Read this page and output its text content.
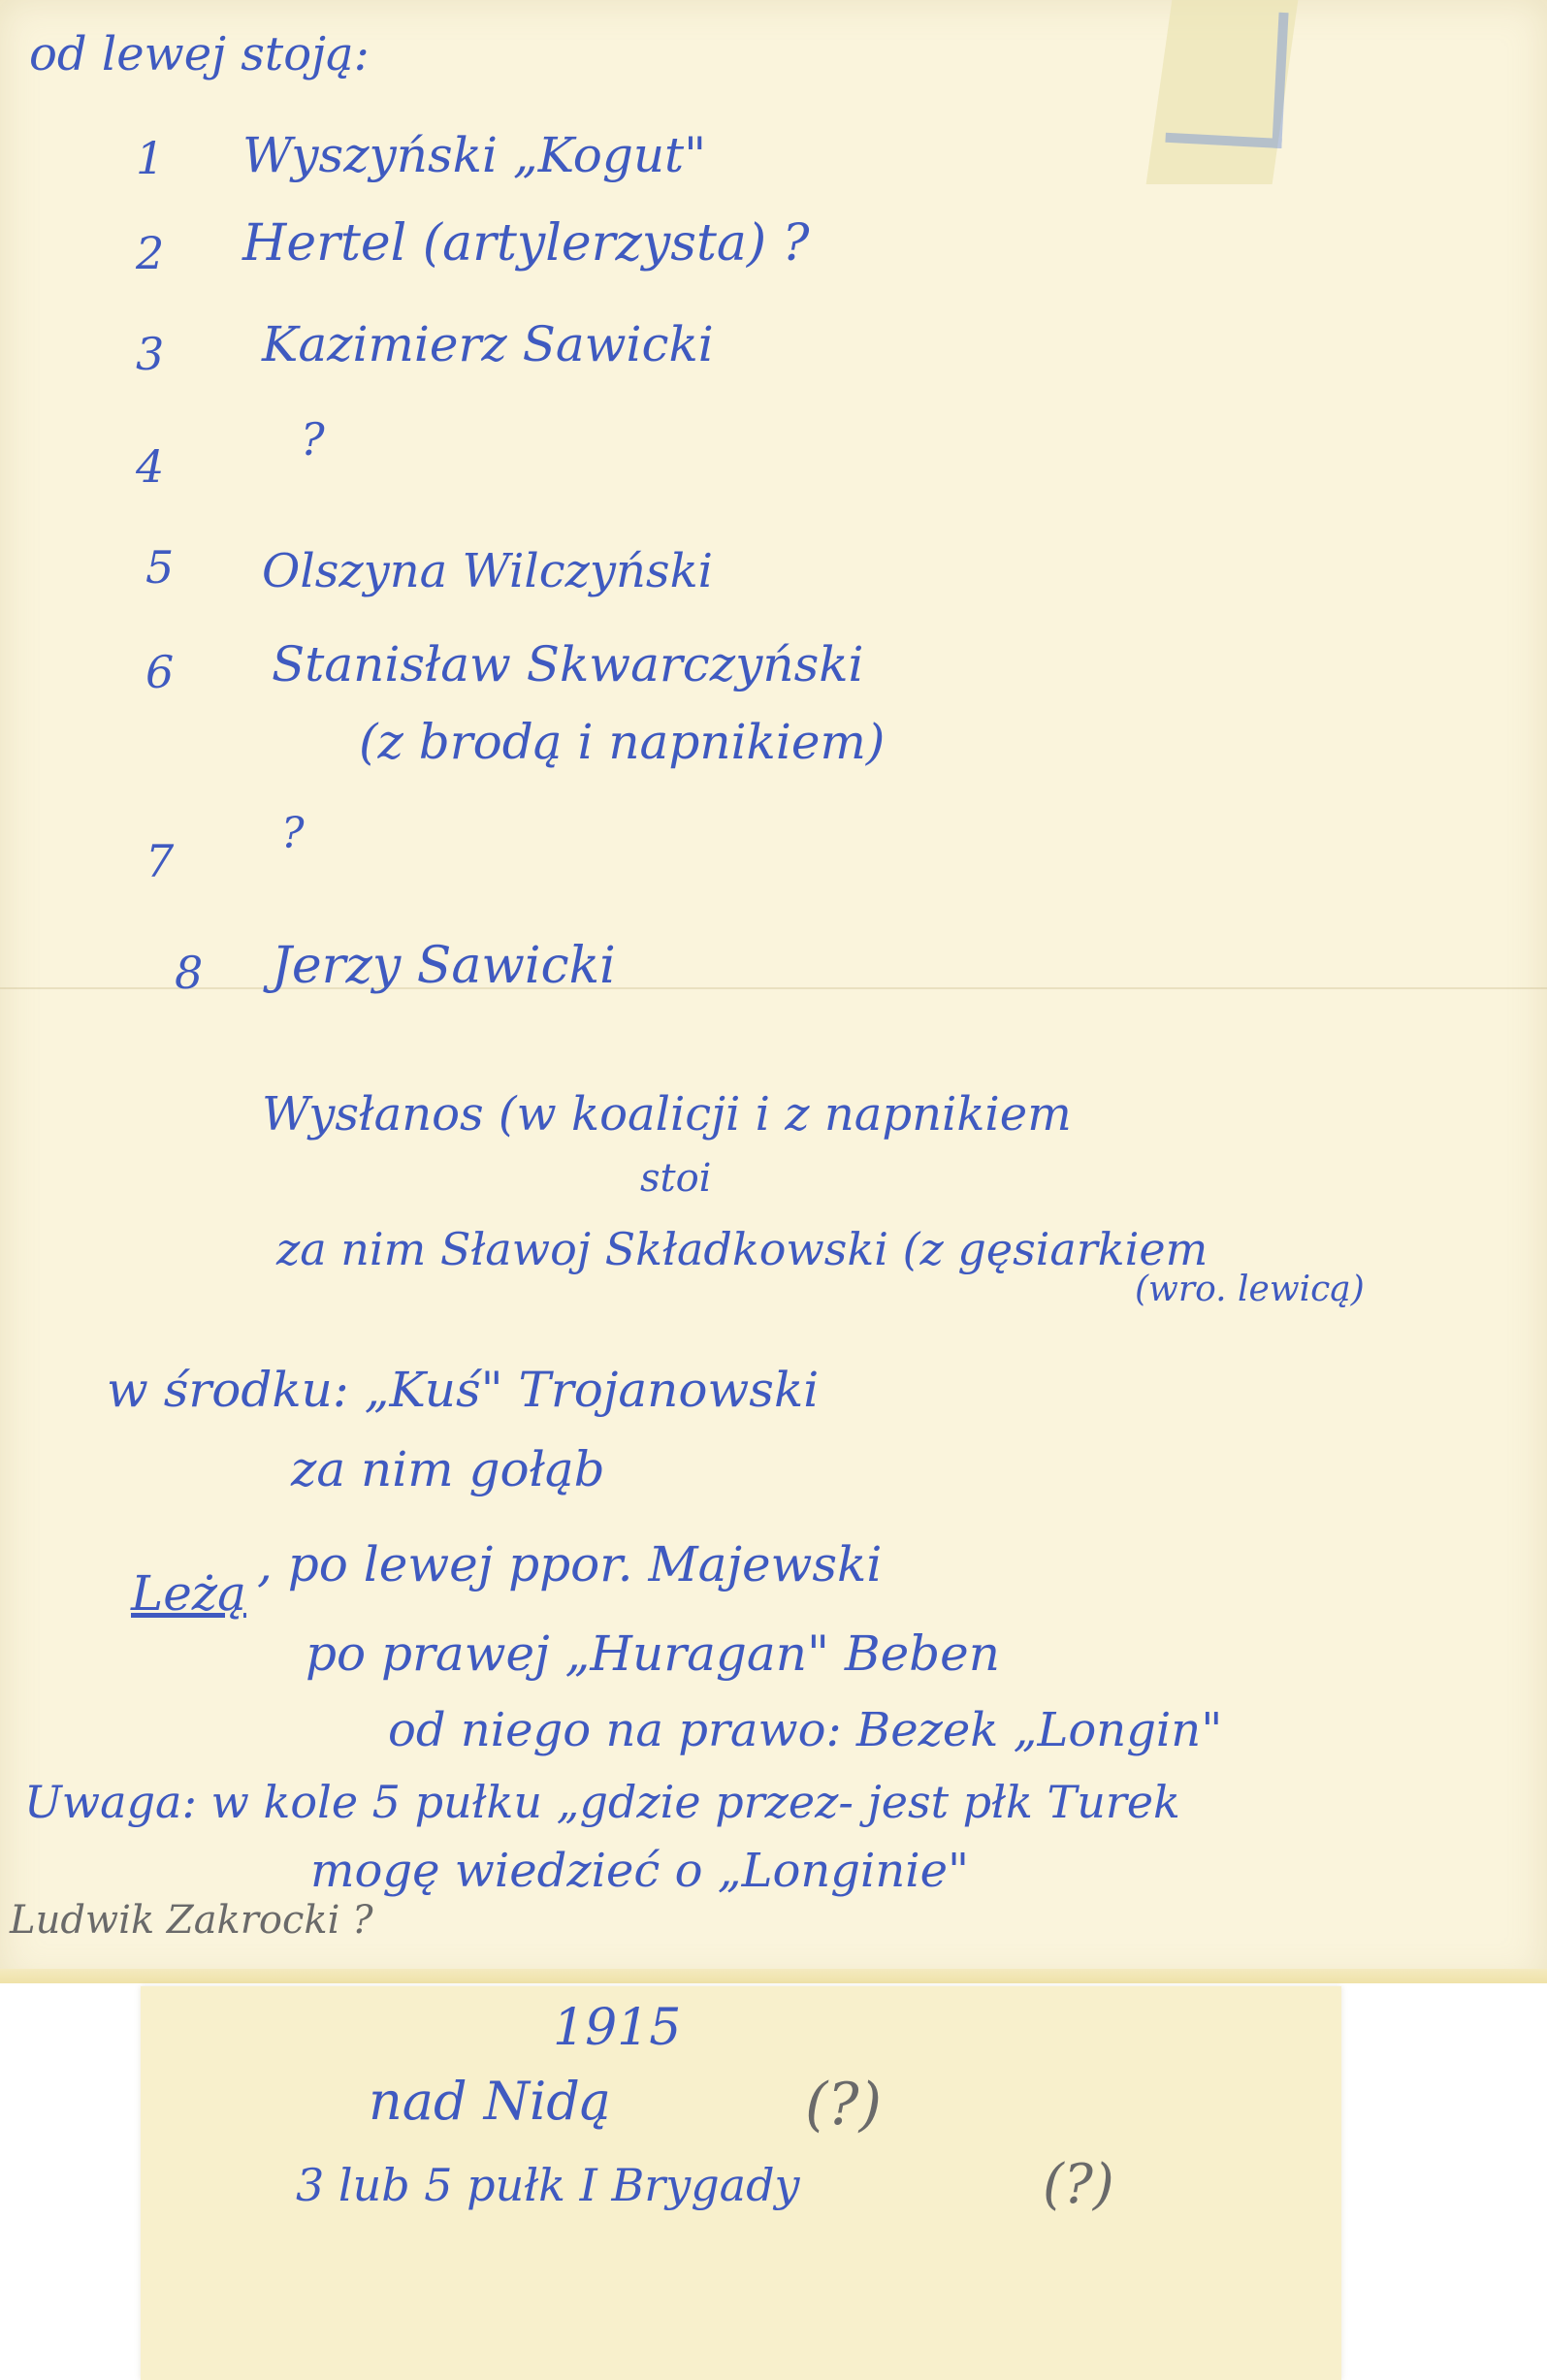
od lewej stoją:
1 Wyszyński „Kogut"
2 Hertel (artylerzysta) ?
3 Kazimierz Sawicki
4
?
5 Olszyna Wilczyński
6 Stanisław Skwarczyński
(z brodą i napnikiem)
7
?
8 Jerzy Sawicki
Wysłanos (w koalicji i z napnikiem
stoi
za nim Sławoj Składkowski (z gęsiarkiem
(wro. lewicą)
w środku: „Kuś" Trojanowski
za nim gołąb
Leżą
, po lewej ppor. Majewski
po prawej „Huragan" Beben
od niego na prawo: Bezek „Longin"
Uwaga: w kole 5 pułku „gdzie przez- jest płk Turek
mogę wiedzieć o „Longinie"
Ludwik Zakrocki ?
1915
nad Nidą	(?)
3 lub 5 pułk I Brygady	(?)
